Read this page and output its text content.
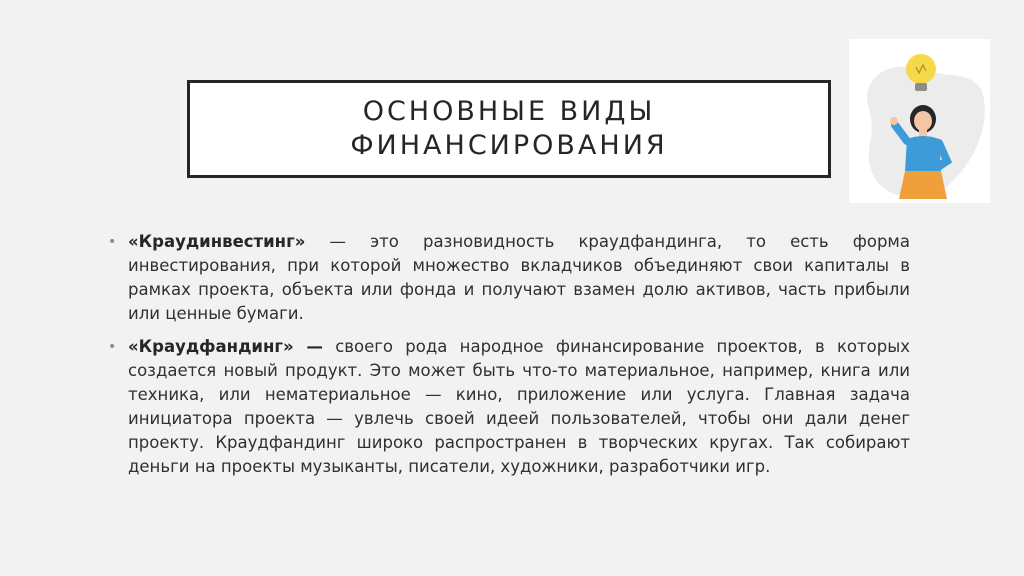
ОСНОВНЫЕ ВИДЫ
ФИНАНСИРОВАНИЯ
• «Краудинвестинг» — это разновидность краудфандинга, то есть форма инвестирования, при которой множество вкладчиков объединяют свои капиталы в рамках проекта, объекта или фонда и получают взамен долю активов, часть прибыли или ценные бумаги.
• «Краудфандинг» — своего рода народное финансирование проектов, в которых создается новый продукт. Это может быть что-то материальное, например, книга или техника, или нематериальное — кино, приложение или услуга. Главная задача инициатора проекта — увлечь своей идеей пользователей, чтобы они дали денег проекту. Краудфандинг широко распространен в творческих кругах. Так собирают деньги на проекты музыканты, писатели, художники, разработчики игр.
